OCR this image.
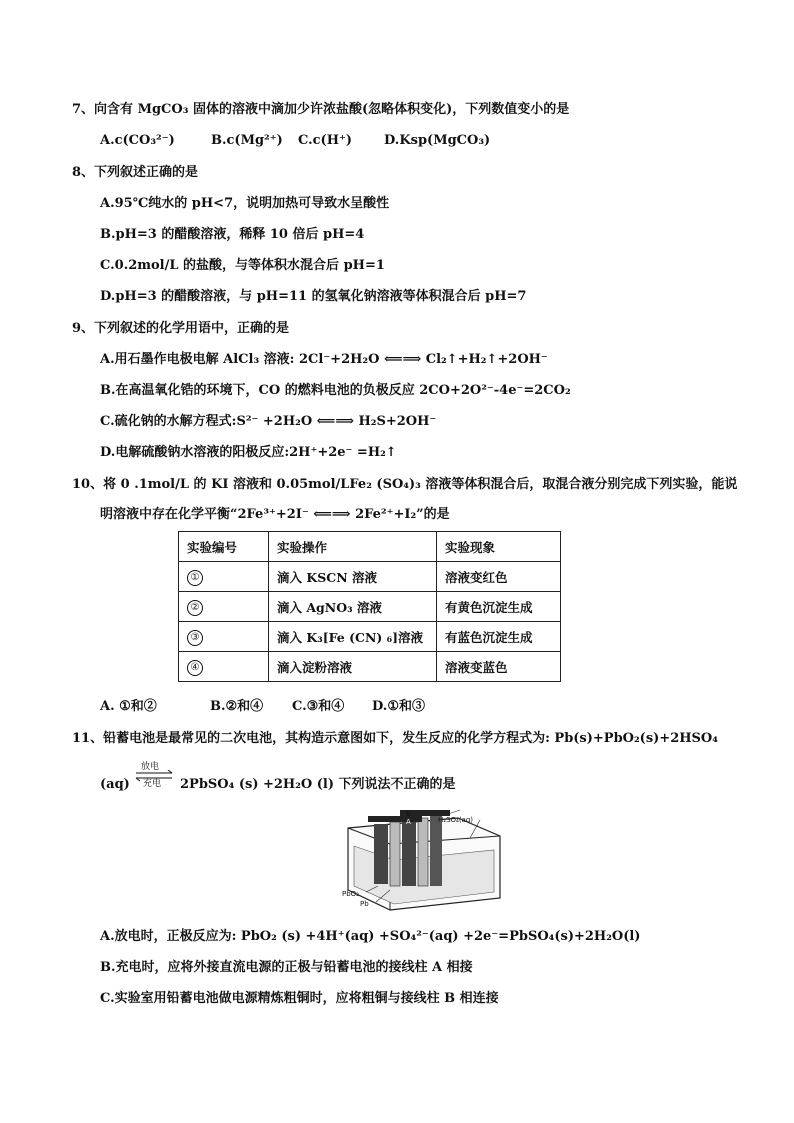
7、向含有 MgCO₃ 固体的溶液中滴加少许浓盐酸(忽略体积变化)，下列数值变小的是
A.c(CO₃²⁻)	B.c(Mg²⁺) C.c(H⁺) D.Ksp(MgCO₃)
8、下列叙述正确的是
A.95℃纯水的 pH<7，说明加热可导致水呈酸性
B.pH=3 的醋酸溶液，稀释 10 倍后 pH=4
C.0.2mol/L 的盐酸，与等体积水混合后 pH=1
D.pH=3 的醋酸溶液，与 pH=11 的氢氧化钠溶液等体积混合后 pH=7
9、下列叙述的化学用语中，正确的是
A.用石墨作电极电解 AlCl₃ 溶液: 2Cl⁻+2H₂O ⟸⟹ Cl₂↑+H₂↑+2OH⁻
B.在高温氧化锆的环境下，CO 的燃料电池的负极反应 2CO+2O²⁻-4e⁻=2CO₂
C.硫化钠的水解方程式:S²⁻ +2H₂O ⟸⟹ H₂S+2OH⁻
D.电解硫酸钠水溶液的阳极反应:2H⁺+2e⁻ =H₂↑
10、将 0 .1mol/L 的 KI 溶液和 0.05mol/LFe₂ (SO₄)₃ 溶液等体积混合后，取混合液分别完成下列实验，能说
明溶液中存在化学平衡“2Fe³⁺+2I⁻ ⟸⟹ 2Fe²⁺+I₂”的是
实验编号	实验操作	实验现象
①	滴入 KSCN 溶液	溶液变红色
②	滴入 AgNO₃ 溶液	有黄色沉淀生成
③	滴入 K₃[Fe (CN) ₆]溶液	有蓝色沉淀生成
④	滴入淀粉溶液	溶液变蓝色
A. ①和②	B.②和④ C.③和④ D.①和③
11、铅蓄电池是最常见的二次电池，其构造示意图如下，发生反应的化学方程式为: Pb(s)+PbO₂(s)+2HSO₄
(aq)
放电
充电 2PbSO₄ (s) +2H₂O (l) 下列说法不正确的是
A
B
H₂SO₄(aq)
PbO₂
Pb
A.放电时，正极反应为: PbO₂ (s) +4H⁺(aq) +SO₄²⁻(aq) +2e⁻=PbSO₄(s)+2H₂O(l)
B.充电时，应将外接直流电源的正极与铅蓄电池的接线柱 A 相接
C.实验室用铅蓄电池做电源精炼粗铜时，应将粗铜与接线柱 B 相连接
